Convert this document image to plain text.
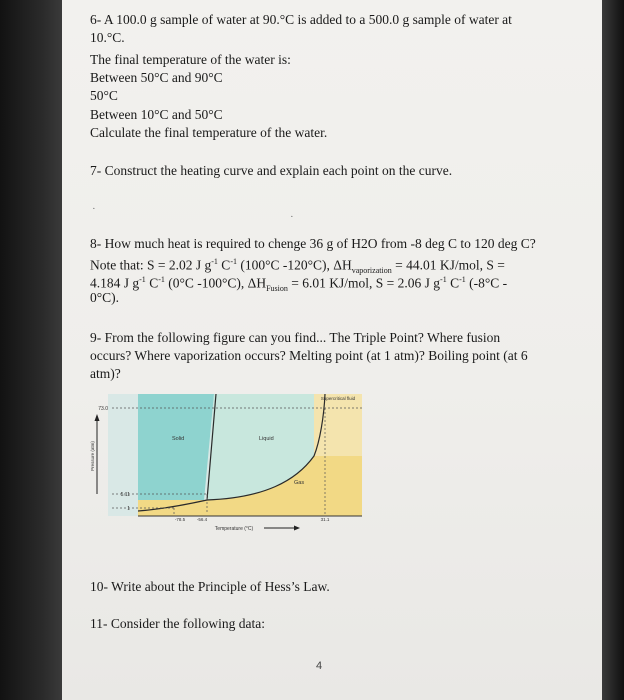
6- A 100.0 g sample of water at 90.°C is added to a 500.0 g sample of water at
10.°C.
The final temperature of the water is:
Between 50°C and 90°C
50°C
Between 10°C and 50°C
Calculate the final temperature of the water.
7- Construct the heating curve and explain each point on the curve.
·
·
8- How much heat is required to chenge 36 g of H2O from -8 deg C to 120 deg C?
Note that: S = 2.02 J $g^{-1}$ $C^{-1}$ (100°C -120°C), $\Delta H_{vaporization} = 44.01$ KJ/mol, S =
4.184 J $g^{-1}$ $C^{-1}$ (0°C -100°C), $\Delta H_{Fusion} = 6.01$ KJ/mol, S = 2.06 J $g^{-1}$ $C^{-1}$ (-8°C -
0°C).
9- From the following figure can you find... The Triple Point? Where fusion
occurs? Where vaporization occurs? Melting point (at 1 atm)? Boiling point (at 6
atm)?
Solid	Liquid
Gas
Supercritical fluid
Pressure (atm)
Temperature (°C)
73.0
5.11
1
-78.5	-56.4	31.1
10- Write about the Principle of Hess’s Law.
11- Consider the following data:
4
